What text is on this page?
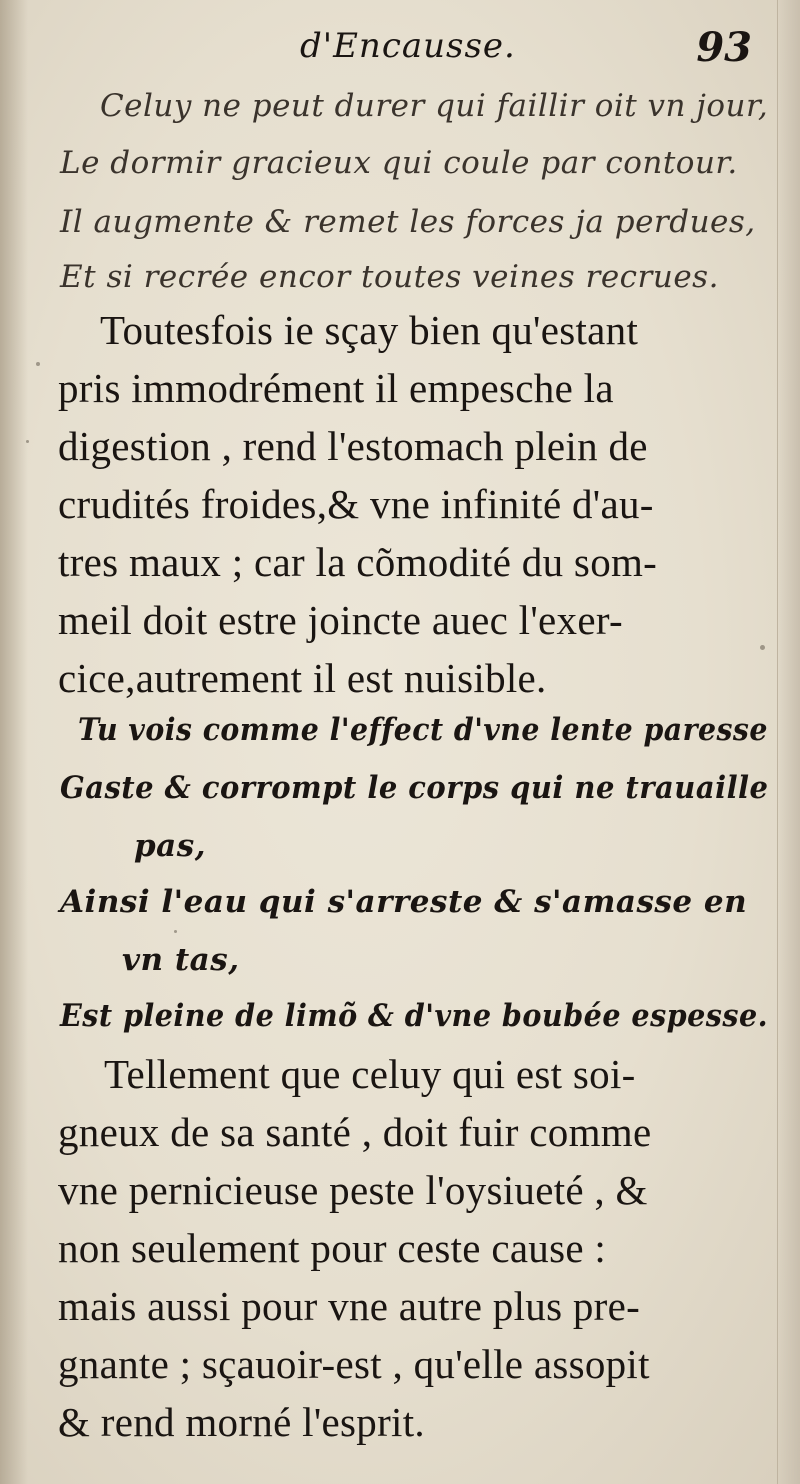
d'Encausse.	93
Celuy ne peut durer qui faillir oit vn jour,
Le dormir gracieux qui coule par contour.
Il augmente & remet les forces ja perdues,
Et si recrée encor toutes veines recrues.
Toutesfois ie sçay bien qu'estant
pris immodrément il empesche la
digestion , rend l'estomach plein de
crudités froides,& vne infinité d'au-
tres maux ; car la cõmodité du som-
meil doit estre joincte auec l'exer-
cice,autrement il est nuisible.
Tu vois comme l'effect d'vne lente paresse
Gaste & corrompt le corps qui ne trauaille
pas,
Ainsi l'eau qui s'arreste & s'amasse en
vn tas,
Est pleine de limõ & d'vne boubée espesse.
Tellement que celuy qui est soi-
gneux de sa santé , doit fuir comme
vne pernicieuse peste l'oysiueté , &
non seulement pour ceste cause :
mais aussi pour vne autre plus pre-
gnante ; sçauoir-est , qu'elle assopit
& rend morné l'esprit.
